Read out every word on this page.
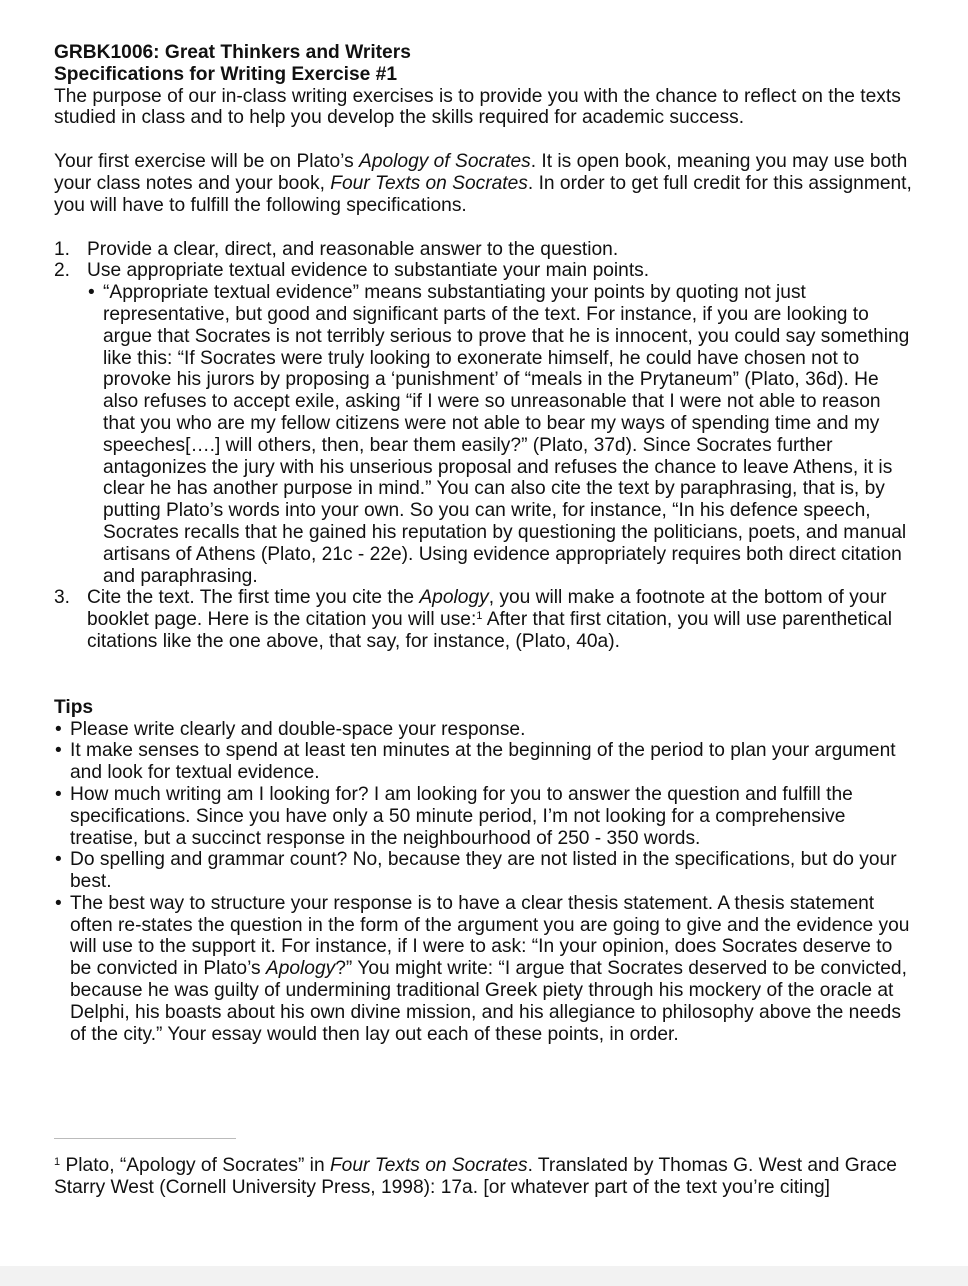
GRBK1006: Great Thinkers and Writers

Specifications for Writing Exercise #1

The purpose of our in-class writing exercises is to provide you with the chance to reflect on the texts studied in class and to help you develop the skills required for academic success.

Your first exercise will be on Plato’s Apology of Socrates. It is open book, meaning you may use both your class notes and your book, Four Texts on Socrates. In order to get full credit for this assignment, you will have to fulfill the following specifications.

1. Provide a clear, direct, and reasonable answer to the question.
2. Use appropriate textual evidence to substantiate your main points.
• “Appropriate textual evidence” means substantiating your points by quoting not just representative, but good and significant parts of the text. For instance, if you are looking to argue that Socrates is not terribly serious to prove that he is innocent, you could say something like this: “If Socrates were truly looking to exonerate himself, he could have chosen not to provoke his jurors by proposing a ‘punishment’ of “meals in the Prytaneum” (Plato, 36d). He also refuses to accept exile, asking “if I were so unreasonable that I were not able to reason that you who are my fellow citizens were not able to bear my ways of spending time and my speeches[….] will others, then, bear them easily?” (Plato, 37d). Since Socrates further antagonizes the jury with his unserious proposal and refuses the chance to leave Athens, it is clear he has another purpose in mind.” You can also cite the text by paraphrasing, that is, by putting Plato’s words into your own. So you can write, for instance, “In his defence speech, Socrates recalls that he gained his reputation by questioning the politicians, poets, and manual artisans of Athens (Plato, 21c - 22e). Using evidence appropriately requires both direct citation and paraphrasing.
3. Cite the text. The first time you cite the Apology, you will make a footnote at the bottom of your booklet page. Here is the citation you will use:$^1$ After that first citation, you will use parenthetical citations like the one above, that say, for instance, (Plato, 40a).

Tips

• Please write clearly and double-space your response.
• It make senses to spend at least ten minutes at the beginning of the period to plan your argument and look for textual evidence.
• How much writing am I looking for? I am looking for you to answer the question and fulfill the specifications. Since you have only a 50 minute period, I’m not looking for a comprehensive treatise, but a succinct response in the neighbourhood of 250 - 350 words.
• Do spelling and grammar count? No, because they are not listed in the specifications, but do your best.
• The best way to structure your response is to have a clear thesis statement. A thesis statement often re-states the question in the form of the argument you are going to give and the evidence you will use to the support it. For instance, if I were to ask: “In your opinion, does Socrates deserve to be convicted in Plato’s Apology?” You might write: “I argue that Socrates deserved to be convicted, because he was guilty of undermining traditional Greek piety through his mockery of the oracle at Delphi, his boasts about his own divine mission, and his allegiance to philosophy above the needs of the city.” Your essay would then lay out each of these points, in order.
$^1$ Plato, “Apology of Socrates” in Four Texts on Socrates. Translated by Thomas G. West and Grace Starry West (Cornell University Press, 1998): 17a. [or whatever part of the text you’re citing]
